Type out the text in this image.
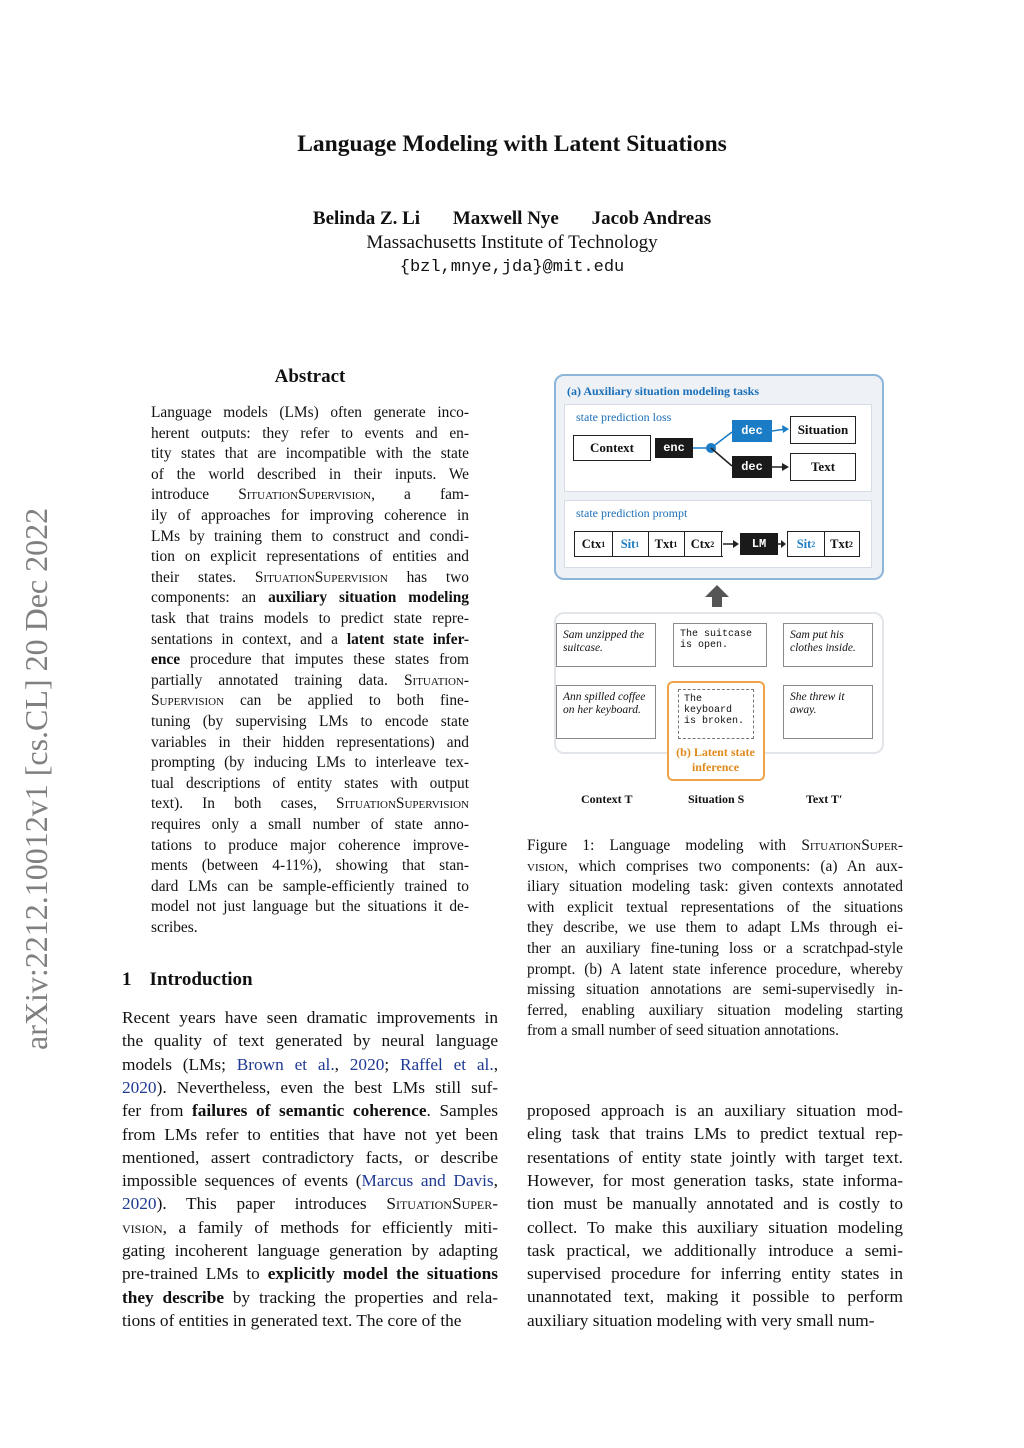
Language Modeling with Latent Situations
Belinda Z. Li Maxwell Nye Jacob Andreas
Massachusetts Institute of Technology
{bzl,mnye,jda}@mit.edu
arXiv:2212.10012v1 [cs.CL] 20 Dec 2022
Abstract
Language models (LMs) often generate inco-
herent outputs: they refer to events and en-
tity states that are incompatible with the state
of the world described in their inputs. We
introduce SituationSupervision, a fam-
ily of approaches for improving coherence in
LMs by training them to construct and condi-
tion on explicit representations of entities and
their states. SituationSupervision has two
components: an auxiliary situation modeling
task that trains models to predict state repre-
sentations in context, and a latent state infer-
ence procedure that imputes these states from
partially annotated training data. Situation-
Supervision can be applied to both fine-
tuning (by supervising LMs to encode state
variables in their hidden representations) and
prompting (by inducing LMs to interleave tex-
tual descriptions of entity states with output
text). In both cases, SituationSupervision
requires only a small number of state anno-
tations to produce major coherence improve-
ments (between 4-11%), showing that stan-
dard LMs can be sample-efficiently trained to
model not just language but the situations it de-
scribes.
1 Introduction
Recent years have seen dramatic improvements in
the quality of text generated by neural language
models (LMs; Brown et al., 2020; Raffel et al.,
2020). Nevertheless, even the best LMs still suf-
fer from failures of semantic coherence. Samples
from LMs refer to entities that have not yet been
mentioned, assert contradictory facts, or describe
impossible sequences of events (Marcus and Davis,
2020). This paper introduces SituationSuper-
vision, a family of methods for efficiently miti-
gating incoherent language generation by adapting
pre-trained LMs to explicitly model the situations
they describe by tracking the properties and rela-
tions of entities in generated text. The core of the
proposed approach is an auxiliary situation mod-
eling task that trains LMs to predict textual rep-
resentations of entity state jointly with target text.
However, for most generation tasks, state informa-
tion must be manually annotated and is costly to
collect. To make this auxiliary situation modeling
task practical, we additionally introduce a semi-
supervised procedure for inferring entity states in
unannotated text, making it possible to perform
auxiliary situation modeling with very small num-
Figure 1: Language modeling with SituationSuper-
vision, which comprises two components: (a) An aux-
iliary situation modeling task: given contexts annotated
with explicit textual representations of the situations
they describe, we use them to adapt LMs through ei-
ther an auxiliary fine-tuning loss or a scratchpad-style
prompt. (b) A latent state inference procedure, whereby
missing situation annotations are semi-supervisedly in-
ferred, enabling auxiliary situation modeling starting
from a small number of seed situation annotations.
(a) Auxiliary situation modeling tasks
state prediction loss
Context	enc
dec
dec
Situation
Text
state prediction prompt
Ctx 1 Sit 1 Txt 1 Ctx 2	LM	Sit 2 Txt 2
Sam unzipped the suitcase.
The suitcase is open.
Sam put his clothes inside.
Ann spilled coffee on her keyboard.
She threw it away.
The keyboard is broken.
(b) Latent state inference
Context T	Situation S	Text T′
